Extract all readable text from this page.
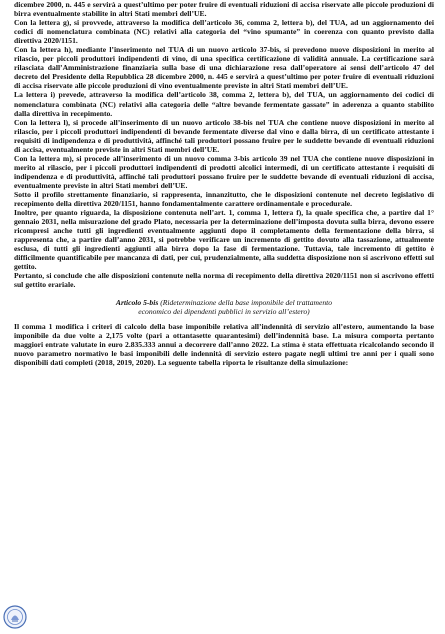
dicembre 2000, n. 445 e servirà a quest’ultimo per poter fruire di eventuali riduzioni di accisa riservate alle piccole produzioni di birra eventualmente stabilite in altri Stati membri dell’UE.

Con la lettera g), si provvede, attraverso la modifica dell’articolo 36, comma 2, lettera b), del TUA, ad un aggiornamento dei codici di nomenclatura combinata (NC) relativi alla categoria del “vino spumante” in coerenza con quanto previsto dalla direttiva 2020/1151.

Con la lettera h), mediante l’inserimento nel TUA di un nuovo articolo 37-bis, si prevedono nuove disposizioni in merito al rilascio, per piccoli produttori indipendenti di vino, di una specifica certificazione di validità annuale. La certificazione sarà rilasciata dall’Amministrazione finanziaria sulla base di una dichiarazione resa dall’operatore ai sensi dell’articolo 47 del decreto del Presidente della Repubblica 28 dicembre 2000, n. 445 e servirà a quest’ultimo per poter fruire di eventuali riduzioni di accisa riservate alle piccole produzioni di vino eventualmente previste in altri Stati membri dell’UE.

La lettera i) prevede, attraverso la modifica dell’articolo 38, comma 2, lettera b), del TUA, un aggiornamento dei codici di nomenclatura combinata (NC) relativi alla categoria delle “altre bevande fermentate gassate” in aderenza a quanto stabilito dalla direttiva in recepimento.

Con la lettera l), si procede all’inserimento di un nuovo articolo 38-bis nel TUA che contiene nuove disposizioni in merito al rilascio, per i piccoli produttori indipendenti di bevande fermentate diverse dal vino e dalla birra, di un certificato attestante i requisiti di indipendenza e di produttività, affinché tali produttori possano fruire per le suddette bevande di eventuali riduzioni di accisa, eventualmente previste in altri Stati membri dell’UE.

Con la lettera m), si procede all’inserimento di un nuovo comma 3-bis articolo 39 nel TUA che contiene nuove disposizioni in merito al rilascio, per i piccoli produttori indipendenti di prodotti alcolici intermedi, di un certificato attestante i requisiti di indipendenza e di produttività, affinché tali produttori possano fruire per le suddette bevande di eventuali riduzioni di accisa, eventualmente previste in altri Stati membri dell’UE.

Sotto il profilo strettamente finanziario, si rappresenta, innanzitutto, che le disposizioni contenute nel decreto legislativo di recepimento della direttiva 2020/1151, hanno fondamentalmente carattere ordinamentale e procedurale.

Inoltre, per quanto riguarda, la disposizione contenuta nell’art. 1, comma 1, lettera f), la quale specifica che, a partire dal 1° gennaio 2031, nella misurazione del grado Plato, necessaria per la determinazione dell’imposta dovuta sulla birra, devono essere ricompresi anche tutti gli ingredienti eventualmente aggiunti dopo il completamento della fermentazione della birra, si rappresenta che, a partire dall’anno 2031, si potrebbe verificare un incremento di gettito dovuto alla tassazione, attualmente esclusa, di tutti gli ingredienti aggiunti alla birra dopo la fase di fermentazione. Tuttavia, tale incremento di gettito è difficilmente quantificabile per mancanza di dati, per cui, prudenzialmente, alla suddetta disposizione non si ascrivono effetti sul gettito.

Pertanto, si conclude che alle disposizioni contenute nella norma di recepimento della direttiva 2020/1151 non si ascrivono effetti sul gettito erariale.

Articolo 5-bis (Rideterminazione della base imponibile del trattamento
economico dei dipendenti pubblici in servizio all’estero)

Il comma 1 modifica i criteri di calcolo della base imponibile relativa all’indennità di servizio all’estero, aumentando la base imponibile da due volte a 2,175 volte (pari a ottantasette quarantesimi) dell’indennità base. La misura comporta pertanto maggiori entrate valutate in euro 2.835.333 annui a decorrere dall’anno 2022. La stima è stata effettuata ricalcolando secondo il nuovo parametro normativo le basi imponibili delle indennità di servizio estero pagate negli ultimi tre anni per i quali sono disponibili dati completi (2018, 2019, 2020). La seguente tabella riporta le risultanze della simulazione:
